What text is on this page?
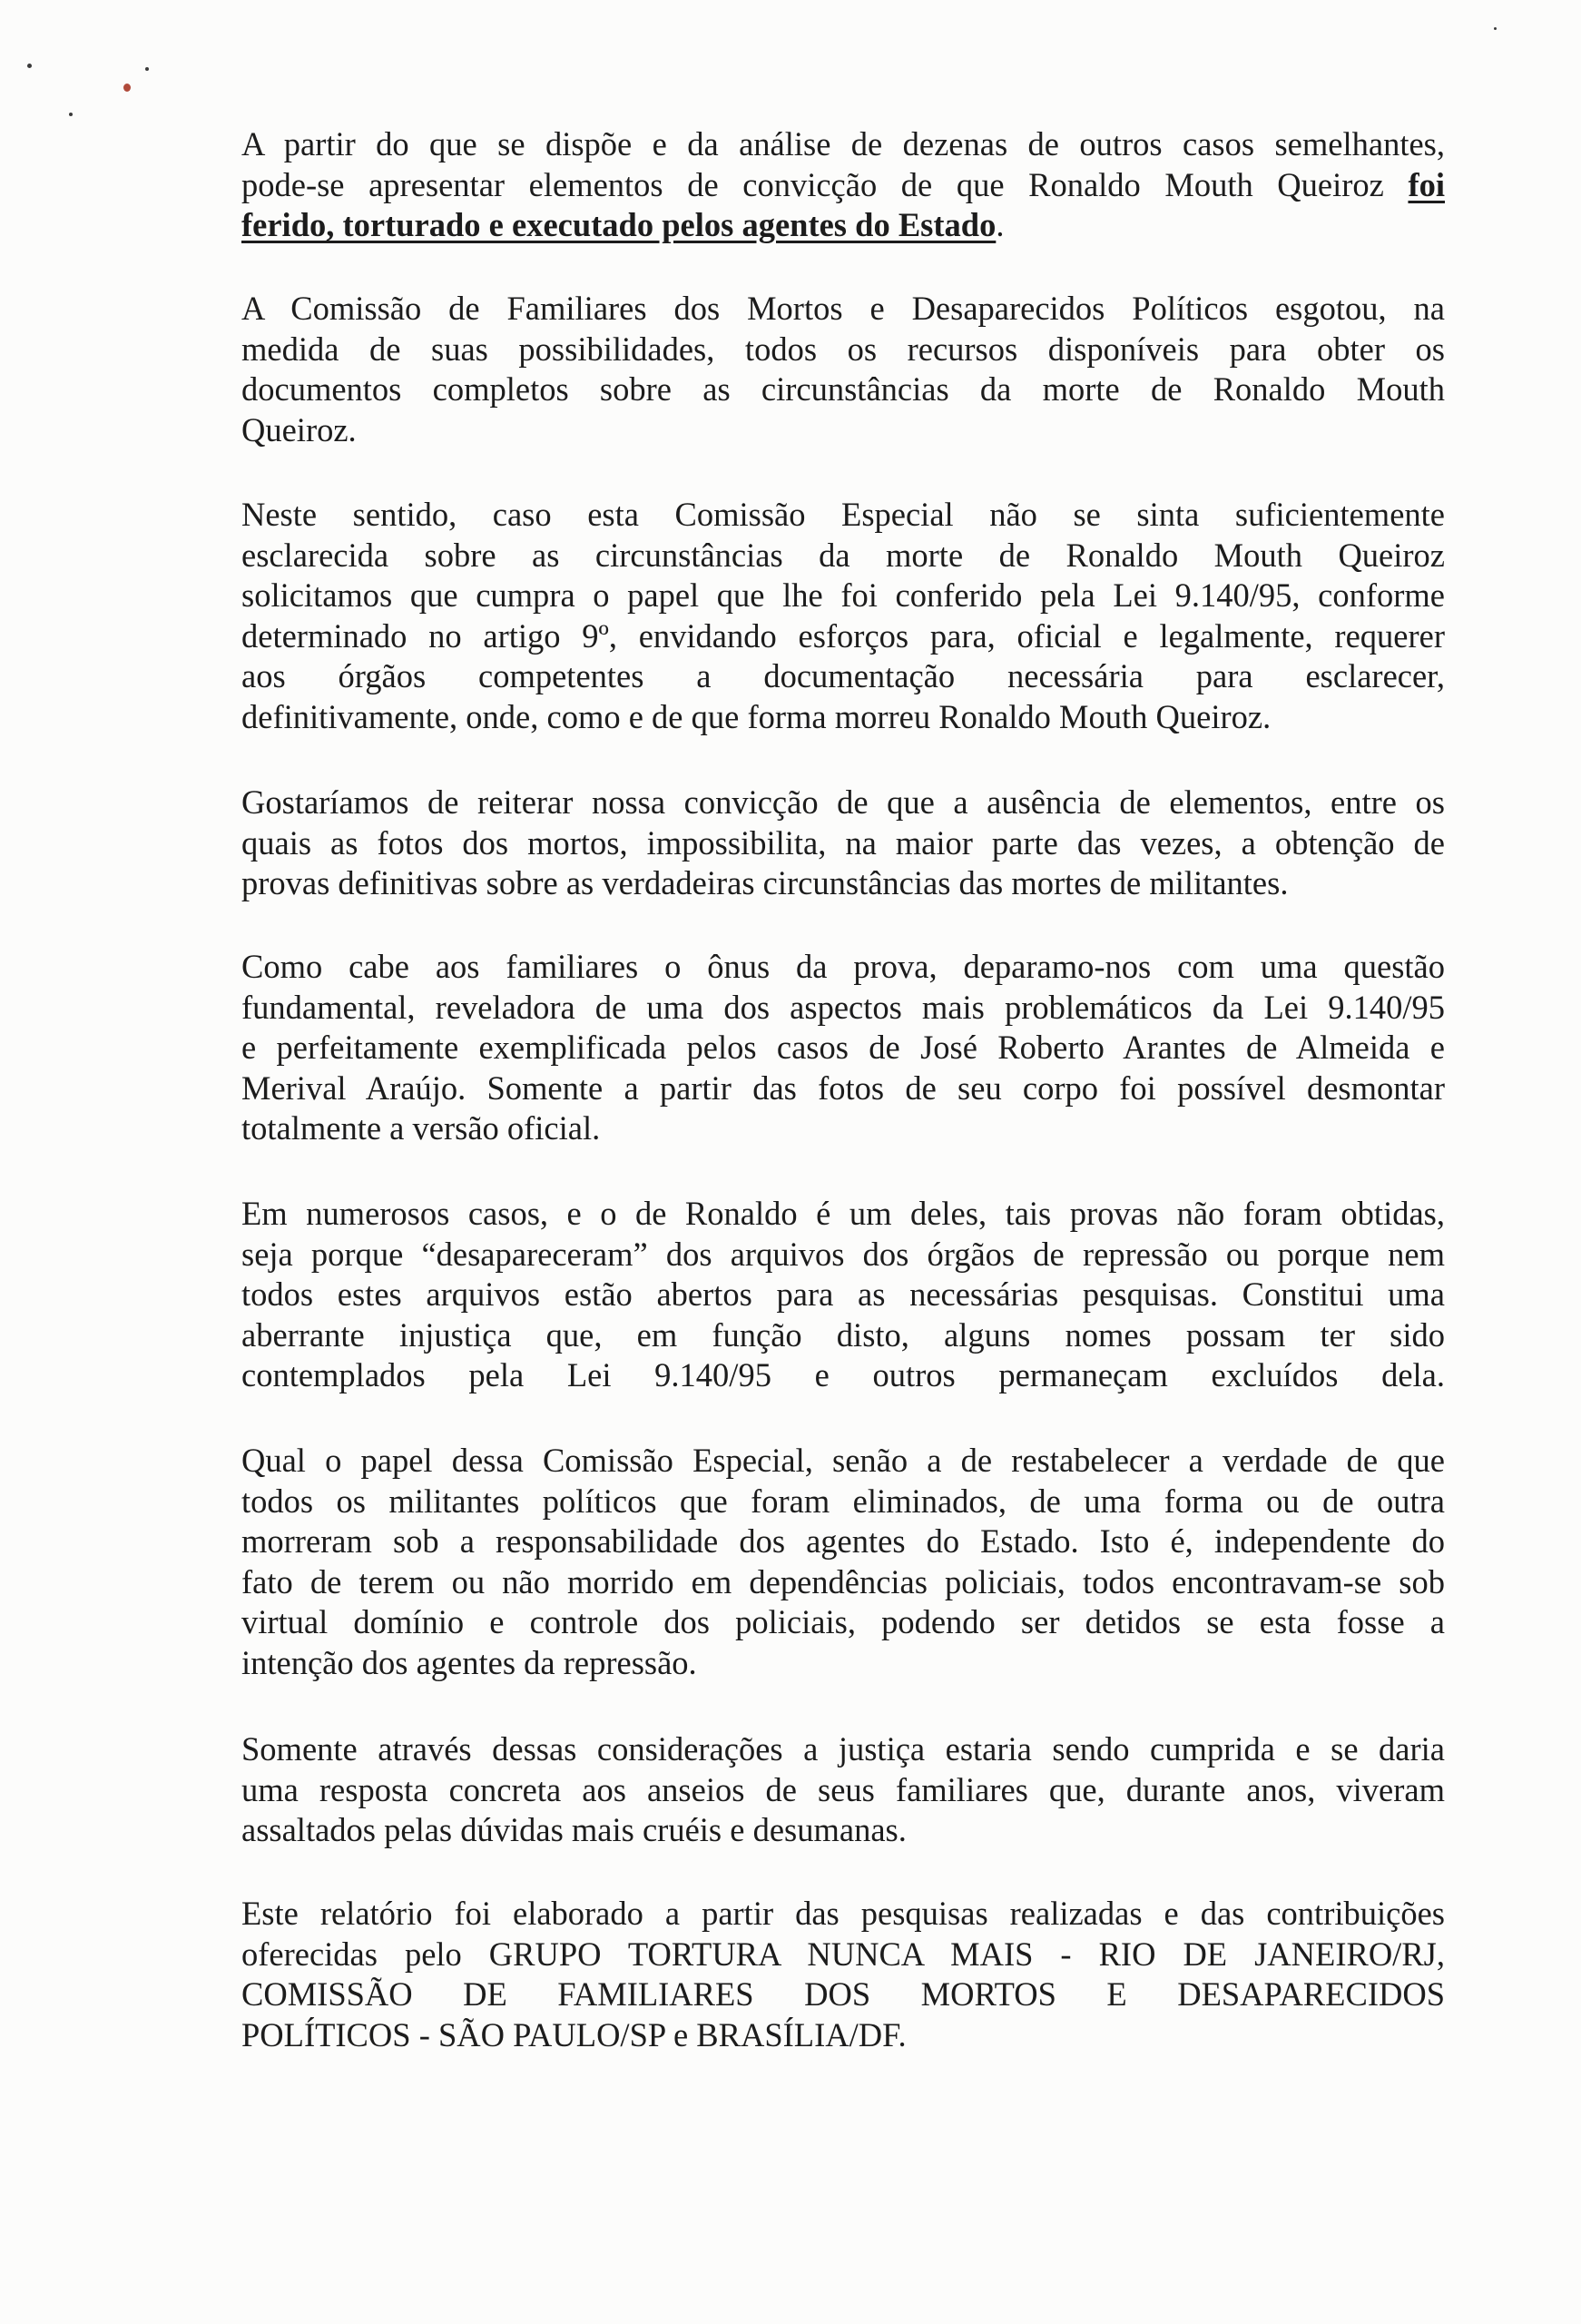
A partir do que se dispõe e da análise de dezenas de outros casos semelhantes,
pode-se apresentar elementos de convicção de que Ronaldo Mouth Queiroz foi
ferido, torturado e executado pelos agentes do Estado.
A Comissão de Familiares dos Mortos e Desaparecidos Políticos esgotou, na
medida de suas possibilidades, todos os recursos disponíveis para obter os
documentos completos sobre as circunstâncias da morte de Ronaldo Mouth
Queiroz.
Neste sentido, caso esta Comissão Especial não se sinta suficientemente
esclarecida sobre as circunstâncias da morte de Ronaldo Mouth Queiroz
solicitamos que cumpra o papel que lhe foi conferido pela Lei 9.140/95, conforme
determinado no artigo 9º, envidando esforços para, oficial e legalmente, requerer
aos órgãos competentes a documentação necessária para esclarecer,
definitivamente, onde, como e de que forma morreu Ronaldo Mouth Queiroz.
Gostaríamos de reiterar nossa convicção de que a ausência de elementos, entre os
quais as fotos dos mortos, impossibilita, na maior parte das vezes, a obtenção de
provas definitivas sobre as verdadeiras circunstâncias das mortes de militantes.
Como cabe aos familiares o ônus da prova, deparamo-nos com uma questão
fundamental, reveladora de uma dos aspectos mais problemáticos da Lei 9.140/95
e perfeitamente exemplificada pelos casos de José Roberto Arantes de Almeida e
Merival Araújo. Somente a partir das fotos de seu corpo foi possível desmontar
totalmente a versão oficial.
Em numerosos casos, e o de Ronaldo é um deles, tais provas não foram obtidas,
seja porque “desapareceram” dos arquivos dos órgãos de repressão ou porque nem
todos estes arquivos estão abertos para as necessárias pesquisas. Constitui uma
aberrante injustiça que, em função disto, alguns nomes possam ter sido
contemplados pela Lei 9.140/95 e outros permaneçam excluídos dela.
Qual o papel dessa Comissão Especial, senão a de restabelecer a verdade de que
todos os militantes políticos que foram eliminados, de uma forma ou de outra
morreram sob a responsabilidade dos agentes do Estado. Isto é, independente do
fato de terem ou não morrido em dependências policiais, todos encontravam-se sob
virtual domínio e controle dos policiais, podendo ser detidos se esta fosse a
intenção dos agentes da repressão.
Somente através dessas considerações a justiça estaria sendo cumprida e se daria
uma resposta concreta aos anseios de seus familiares que, durante anos, viveram
assaltados pelas dúvidas mais cruéis e desumanas.
Este relatório foi elaborado a partir das pesquisas realizadas e das contribuições
oferecidas pelo GRUPO TORTURA NUNCA MAIS - RIO DE JANEIRO/RJ,
COMISSÃO DE FAMILIARES DOS MORTOS E DESAPARECIDOS
POLÍTICOS - SÃO PAULO/SP e BRASÍLIA/DF.
